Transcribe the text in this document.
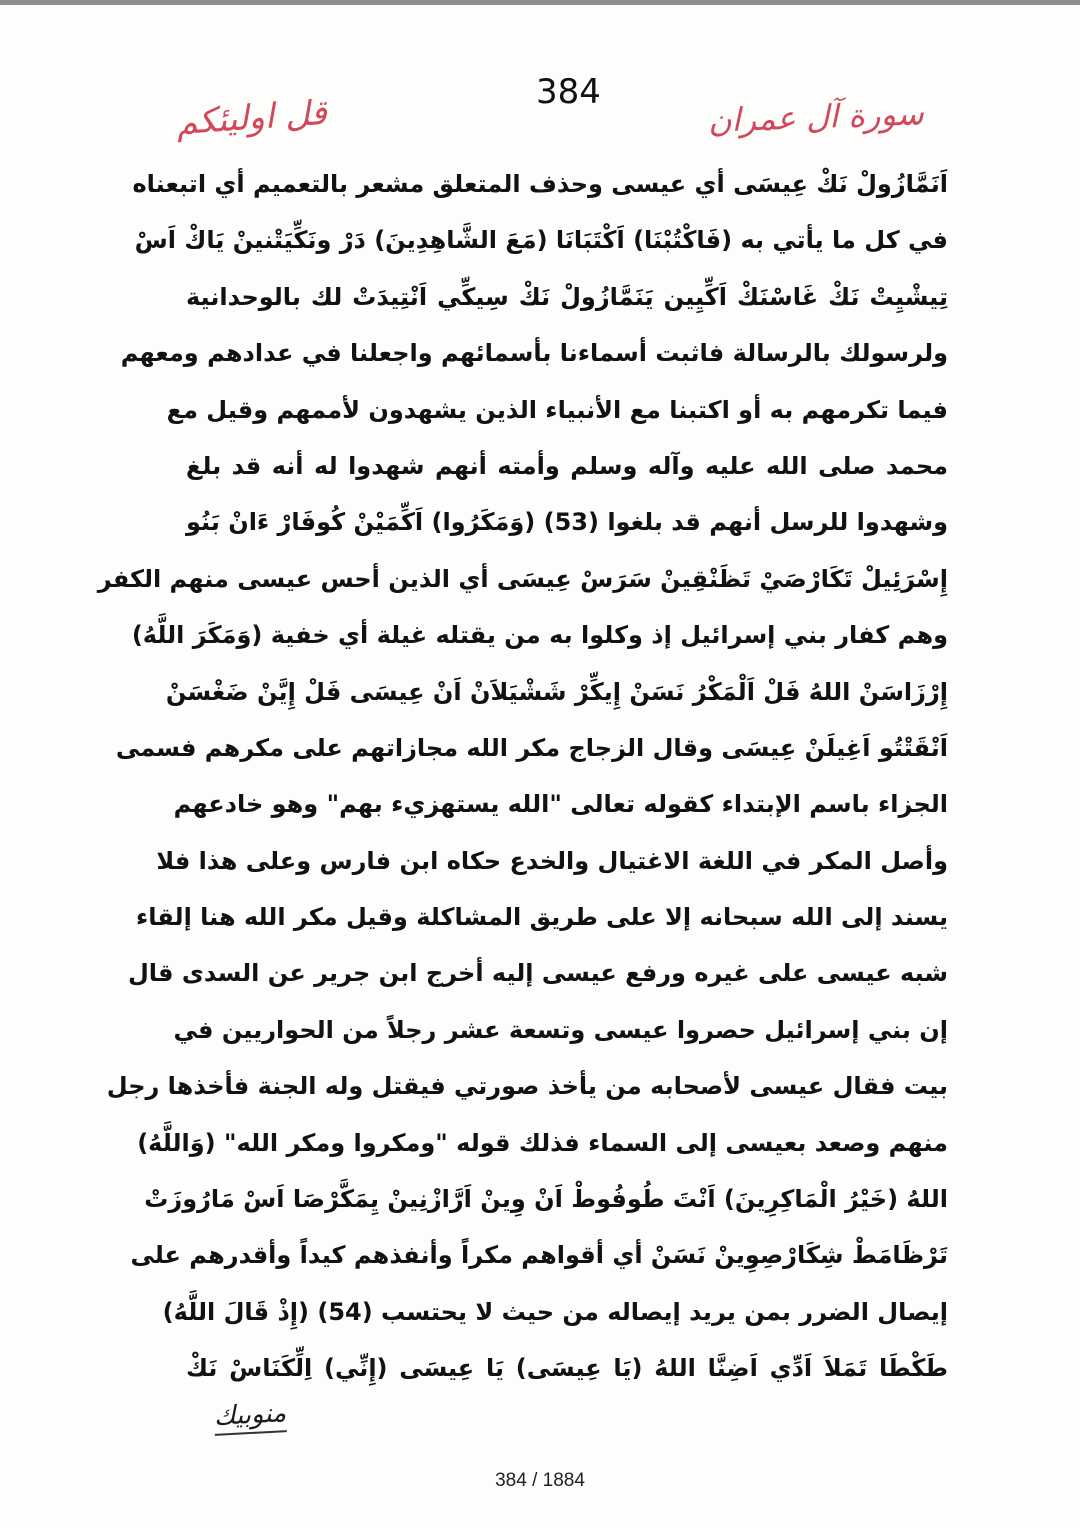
384
قل اوليئكم	سورة آل عمران
اَنَمَّازُولْ نَكْ عِيسَى أي عيسى وحذف المتعلق مشعر بالتعميم أي اتبعناه
في كل ما يأتي به (فَاكْتُبْنَا) اَكْتَبَانَا (مَعَ الشَّاهِدِينَ) دَرْ ونَكِّيَتْنينْ يَاكْ اَسْ
تِيشْيِتْ نَكْ غَاسْنَكْ اَكِّيِين يَنَمَّازُولْ نَكْ سِيكِّي اَنْتِيدَتْ لك بالوحدانية
ولرسولك بالرسالة فاثبت أسماءنا بأسمائهم واجعلنا في عدادهم ومعهم
فيما تكرمهم به أو اكتبنا مع الأنبياء الذين يشهدون لأممهم وقيل مع
محمد صلى الله عليه وآله وسلم وأمته أنهم شهدوا له أنه قد بلغ
وشهدوا للرسل أنهم قد بلغوا (53) (وَمَكَرُوا) اَكِّمَيْنْ كُوفَارْ ءَانْ بَنُو
إِسْرَئِيلْ تَكَارْصَيْ تَظَنْقِينْ سَرَسْ عِيسَى أي الذين أحس عيسى منهم الكفر
وهم كفار بني إسرائيل إذ وكلوا به من يقتله غيلة أي خفية (وَمَكَرَ اللَّهُ)
إِرْزَاسَنْ اللهُ فَلْ اَلْمَكْرُ نَسَنْ إِيكِّرْ شَشْيَلاَنْ اَنْ عِيسَى فَلْ إِيَّنْ ضَغْسَنْ
اَنْقَتْتُو اَغِيلَنْ عِيسَى وقال الزجاج مكر الله مجازاتهم على مكرهم فسمى
الجزاء باسم الإبتداء كقوله تعالى "الله يستهزيء بهم" وهو خادعهم
وأصل المكر في اللغة الاغتيال والخدع حكاه ابن فارس وعلى هذا فلا
يسند إلى الله سبحانه إلا على طريق المشاكلة وقيل مكر الله هنا إلقاء
شبه عيسى على غيره ورفع عيسى إليه أخرج ابن جرير عن السدى قال
إن بني إسرائيل حصروا عيسى وتسعة عشر رجلاً من الحواريين في
بيت فقال عيسى لأصحابه من يأخذ صورتي فيقتل وله الجنة فأخذها رجل
منهم وصعد بعيسى إلى السماء فذلك قوله "ومكروا ومكر الله" (وَاللَّهُ)
اللهُ (خَيْرُ الْمَاكِرِينَ) اَنْتَ طُوفُوطْ اَنْ وِينْ اَرَّازْنِينْ يِمَكَّرْصَا اَسْ مَارُوزَتْ
تَرْظَامَطْ شِكَارْصِوِينْ نَسَنْ أي أقواهم مكراً وأنفذهم كيداً وأقدرهم على
إيصال الضرر بمن يريد إيصاله من حيث لا يحتسب (54) (إِذْ قَالَ اللَّهُ)
طَكْطَا تَمَلاَ اَدِّي اَضِنَّا اللهُ (يَا عِيسَى) يَا عِيسَى (إِنِّي) اِلِّكَنَاسْ نَكْ
منوبيك
384 / 1884
